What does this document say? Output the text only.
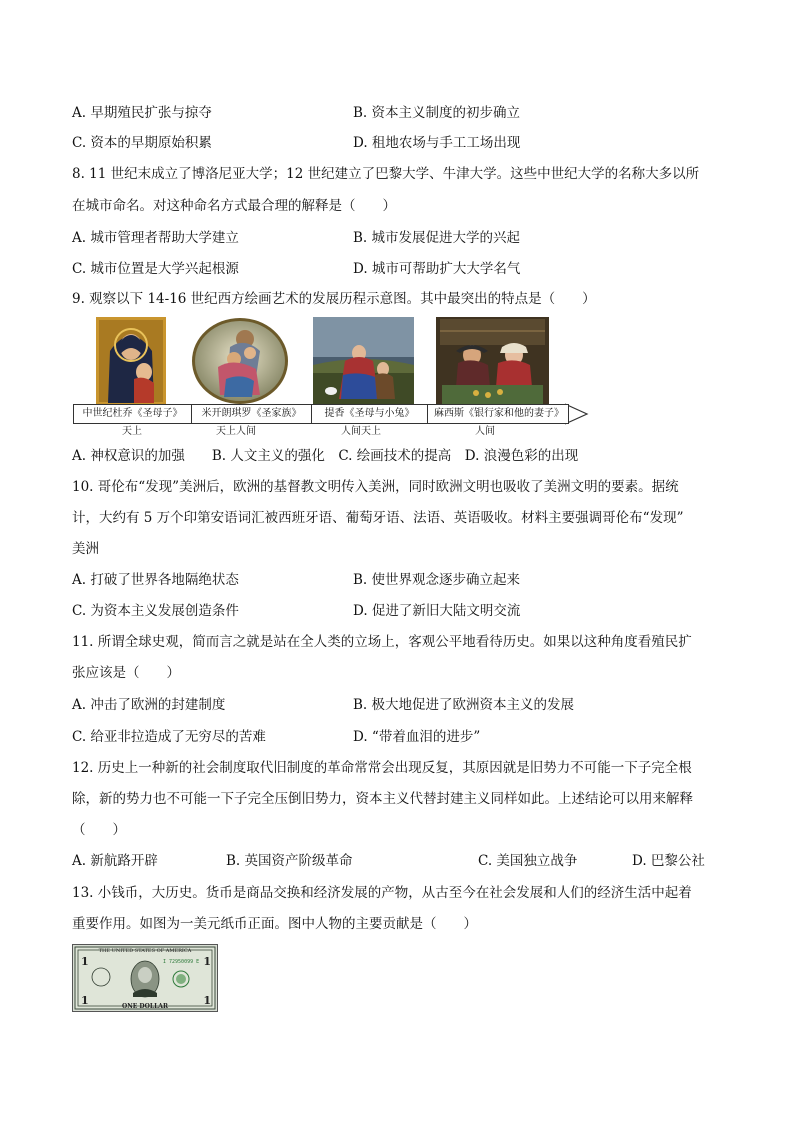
A. 早期殖民扩张与掠夺	B. 资本主义制度的初步确立
C. 资本的早期原始积累	D. 租地农场与手工工场出现
8. 11 世纪末成立了博洛尼亚大学；12 世纪建立了巴黎大学、牛津大学。这些中世纪大学的名称大多以所
在城市命名。对这种命名方式最合理的解释是（　　）
A. 城市管理者帮助大学建立	B. 城市发展促进大学的兴起
C. 城市位置是大学兴起根源	D. 城市可帮助扩大大学名气
9. 观察以下 14-16 世纪西方绘画艺术的发展历程示意图。其中最突出的特点是（　　）
中世纪杜乔《圣母子》	米开朗琪罗《圣家族》	提香《圣母与小兔》	麻西斯《银行家和他的妻子》
天上	天上人间	人间天上	人间
A. 神权意识的加强　　B. 人文主义的强化　C. 绘画技术的提高　D. 浪漫色彩的出现
10. 哥伦布“发现”美洲后，欧洲的基督教文明传入美洲，同时欧洲文明也吸收了美洲文明的要素。据统
计，大约有 5 万个印第安语词汇被西班牙语、葡萄牙语、法语、英语吸收。材料主要强调哥伦布“发现”
美洲
A. 打破了世界各地隔绝状态	B. 使世界观念逐步确立起来
C. 为资本主义发展创造条件	D. 促进了新旧大陆文明交流
11. 所谓全球史观，简而言之就是站在全人类的立场上，客观公平地看待历史。如果以这种角度看殖民扩
张应该是（　　）
A. 冲击了欧洲的封建制度	B. 极大地促进了欧洲资本主义的发展
C. 给亚非拉造成了无穷尽的苦难	D. “带着血泪的进步”
12. 历史上一种新的社会制度取代旧制度的革命常常会出现反复，其原因就是旧势力不可能一下子完全根
除，新的势力也不可能一下子完全压倒旧势力，资本主义代替封建主义同样如此。上述结论可以用来解释
（　　）
A. 新航路开辟	B. 英国资产阶级革命	C. 美国独立战争	D. 巴黎公社
13. 小钱币，大历史。货币是商品交换和经济发展的产物，从古至今在社会发展和人们的经济生活中起着
重要作用。如图为一美元纸币正面。图中人物的主要贡献是（　　）
THE UNITED STATES OF AMERICA
1	1
1	1
I 72950099 E
ONE DOLLAR
